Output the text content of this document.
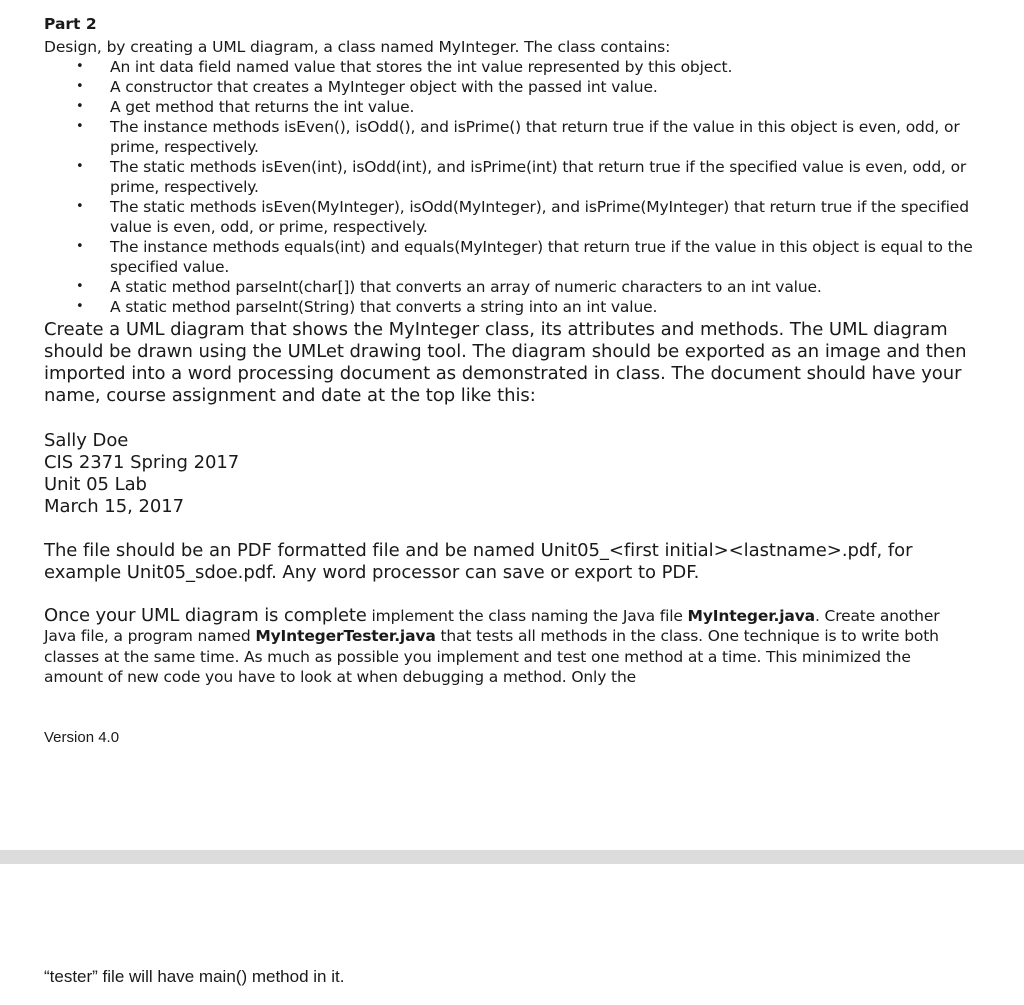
Part 2
Design, by creating a UML diagram, a class named MyInteger. The class contains:
• An int data field named value that stores the int value represented by this object.
• A constructor that creates a MyInteger object with the passed int value.
• A get method that returns the int value.
• The instance methods isEven(), isOdd(), and isPrime() that return true if the value in this object is even, odd, or prime, respectively.
• The static methods isEven(int), isOdd(int), and isPrime(int) that return true if the specified value is even, odd, or prime, respectively.
• The static methods isEven(MyInteger), isOdd(MyInteger), and isPrime(MyInteger) that return true if the specified value is even, odd, or prime, respectively.
• The instance methods equals(int) and equals(MyInteger) that return true if the value in this object is equal to the specified value.
• A static method parseInt(char[]) that converts an array of numeric characters to an int value.
• A static method parseInt(String) that converts a string into an int value.
Create a UML diagram that shows the MyInteger class, its attributes and methods. The UML diagram should be drawn using the UMLet drawing tool. The diagram should be exported as an image and then imported into a word processing document as demonstrated in class. The document should have your name, course assignment and date at the top like this:
Sally Doe
CIS 2371 Spring 2017
Unit 05 Lab
March 15, 2017
The file should be an PDF formatted file and be named Unit05_<first initial><lastname>.pdf, for example Unit05_sdoe.pdf. Any word processor can save or export to PDF.
Once your UML diagram is complete implement the class naming the Java file MyInteger.java. Create another Java file, a program named MyIntegerTester.java that tests all methods in the class. One technique is to write both classes at the same time. As much as possible you implement and test one method at a time. This minimized the amount of new code you have to look at when debugging a method. Only the
Version 4.0
“tester” file will have main() method in it.
